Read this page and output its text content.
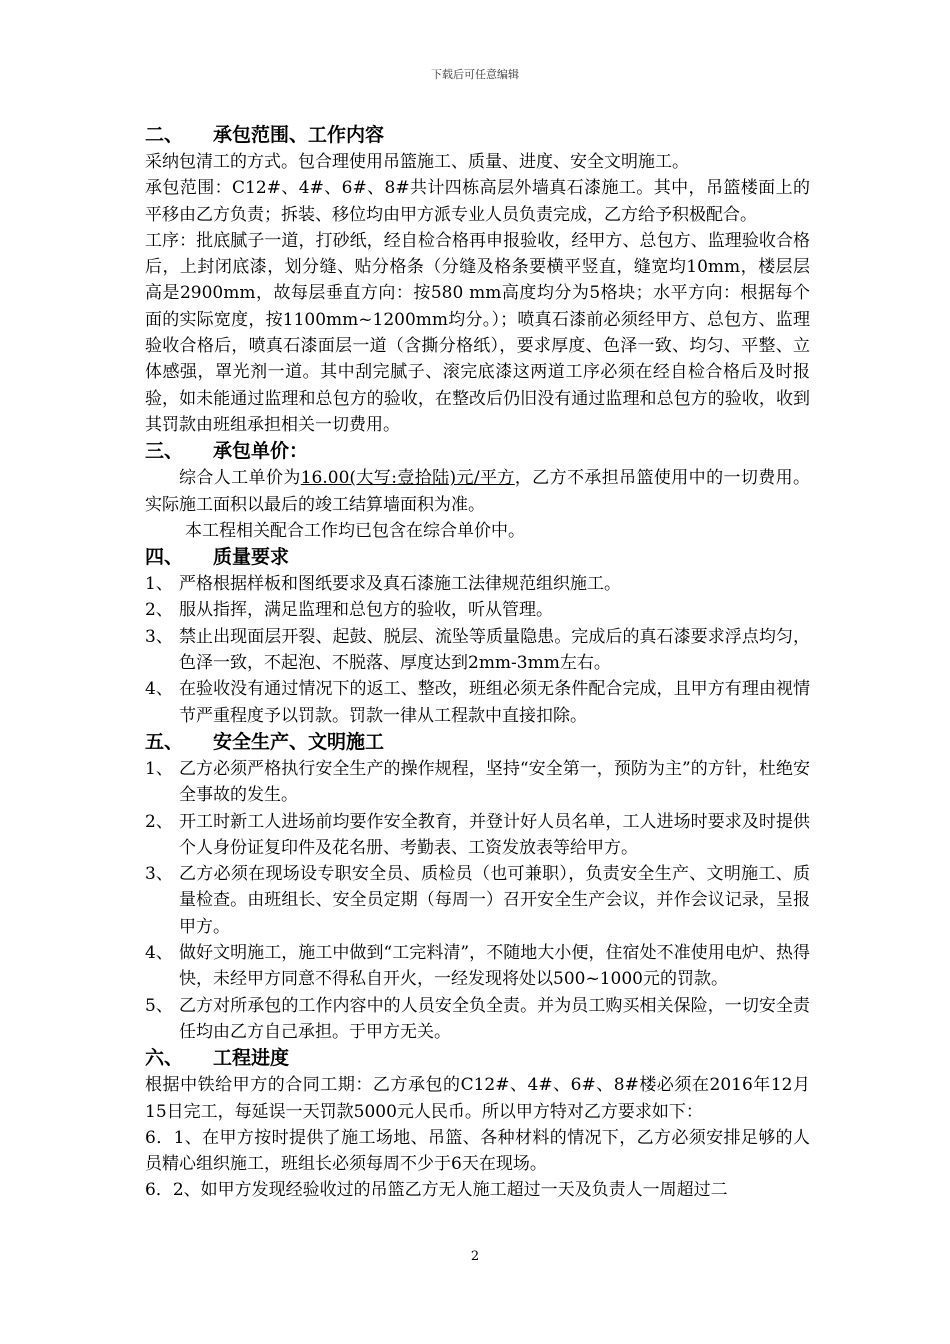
下载后可任意编辑
二、	承包范围、工作内容

采纳包清工的方式。包合理使用吊篮施工、质量、进度、安全文明施工。

承包范围：C12#、4#、6#、8#共计四栋高层外墙真石漆施工。其中，吊篮楼面上的平移由乙方负责；拆装、移位均由甲方派专业人员负责完成，乙方给予积极配合。

工序：批底腻子一道，打砂纸，经自检合格再申报验收，经甲方、总包方、监理验收合格后，上封闭底漆，划分缝、贴分格条（分缝及格条要横平竖直，缝宽均10mm，楼层层高是2900mm，故每层垂直方向：按580 mm高度均分为5格块；水平方向：根据每个面的实际宽度，按1100mm~1200mm均分。）；喷真石漆前必须经甲方、总包方、监理验收合格后，喷真石漆面层一道（含撕分格纸），要求厚度、色泽一致、均匀、平整、立体感强，罩光剂一道。其中刮完腻子、滚完底漆这两道工序必须在经自检合格后及时报验，如未能通过监理和总包方的验收，在整改后仍旧没有通过监理和总包方的验收，收到其罚款由班组承担相关一切费用。

三、	承包单价：

综合人工单价为16.00(大写:壹拾陆)元/平方，乙方不承担吊篮使用中的一切费用。实际施工面积以最后的竣工结算墙面积为准。

本工程相关配合工作均已包含在综合单价中。

四、	质量要求
1、 严格根据样板和图纸要求及真石漆施工法律规范组织施工。
2、 服从指挥，满足监理和总包方的验收，听从管理。
3、 禁止出现面层开裂、起鼓、脱层、流坠等质量隐患。完成后的真石漆要求浮点均匀，色泽一致，不起泡、不脱落、厚度达到2mm-3mm左右。
4、 在验收没有通过情况下的返工、整改，班组必须无条件配合完成，且甲方有理由视情节严重程度予以罚款。罚款一律从工程款中直接扣除。
五、	安全生产、文明施工
1、 乙方必须严格执行安全生产的操作规程，坚持“安全第一，预防为主”的方针，杜绝安全事故的发生。
2、 开工时新工人进场前均要作安全教育，并登计好人员名单，工人进场时要求及时提供个人身份证复印件及花名册、考勤表、工资发放表等给甲方。
3、 乙方必须在现场设专职安全员、质检员（也可兼职），负责安全生产、文明施工、质量检查。由班组长、安全员定期（每周一）召开安全生产会议，并作会议记录，呈报甲方。
4、 做好文明施工，施工中做到“工完料清”，不随地大小便，住宿处不准使用电炉、热得快，未经甲方同意不得私自开火，一经发现将处以500~1000元的罚款。
5、 乙方对所承包的工作内容中的人员安全负全责。并为员工购买相关保险，一切安全责任均由乙方自己承担。于甲方无关。
六、	工程进度

根据中铁给甲方的合同工期：乙方承包的C12#、4#、6#、8#楼必须在2016年12月15日完工，每延误一天罚款5000元人民币。所以甲方特对乙方要求如下：

6．1、在甲方按时提供了施工场地、吊篮、各种材料的情况下，乙方必须安排足够的人员精心组织施工，班组长必须每周不少于6天在现场。

6．2、如甲方发现经验收过的吊篮乙方无人施工超过一天及负责人一周超过二

2
